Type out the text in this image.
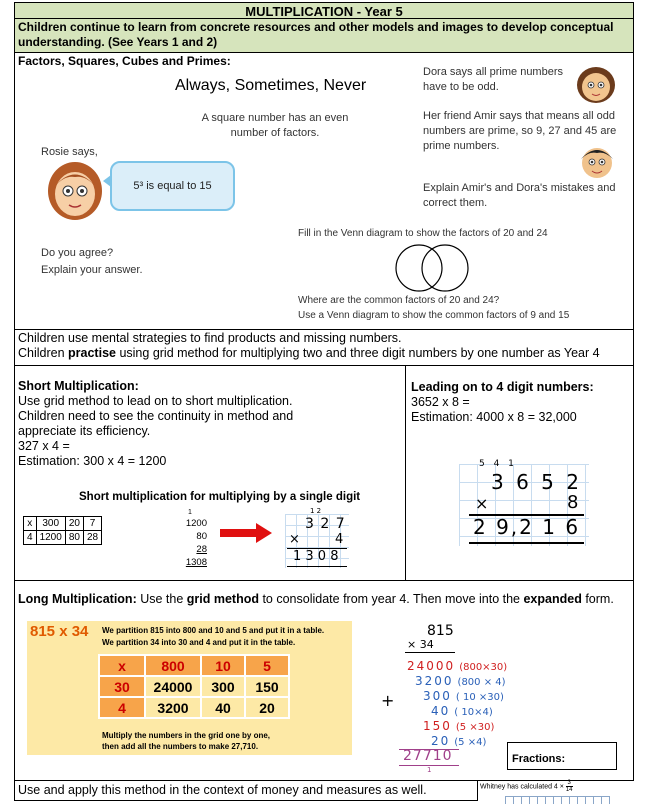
MULTIPLICATION - Year 5
Children continue to learn from concrete resources and other models and images to develop conceptual understanding. (See Years 1 and 2)
Factors, Squares, Cubes and Primes:
Always, Sometimes, Never
A square number has an even number of factors.
Rosie says,
5³ is equal to 15
Do you agree?
Explain your answer.
Dora says all prime numbers have to be odd.
Her friend Amir says that means all odd numbers are prime, so 9, 27 and 45 are prime numbers.
Explain Amir's and Dora's mistakes and correct them.
Fill in the Venn diagram to show the factors of 20 and 24
Where are the common factors of 20 and 24?
Use a Venn diagram to show the common factors of 9 and 15
Children use mental strategies to find products and missing numbers.
Children practise using grid method for multiplying two and three digit numbers by one number as Year 4
Short Multiplication:
Use grid method to lead on to short multiplication.
Children need to see the continuity in method and
appreciate its efficiency.
327 x 4 =
Estimation: 300 x 4 = 1200
Short multiplication for multiplying by a single digit
x	300	20	7
4	1200	80	28
1
1200
80
28
1308
1 2
3 2 7
×	4
1 3 0 8
Leading on to 4 digit numbers:
3652 x 8 =
Estimation: 4000 x 8 = 32,000
5 4 1
3 6 5 2
×	8
2 9,2 1 6
Long Multiplication: Use the grid method to consolidate from year 4. Then move into the expanded form.
815 x 34 We partition 815 into 800 and 10 and 5 and put it in a table.
We partition 34 into 30 and 4 and put it in the table.
x	800	10	5
30	24000	300	150
4	3200	40	20
Multiply the numbers in the grid one by one,
then add all the numbers to make 27,710.
815
× 34
24000 (800×30)
3200 (800 × 4)
300 ( 10 ×30)
40 ( 10×4)
150 (5 ×30)
20 (5 ×4)
+
27710
1
Fractions:
Use and apply this method in the context of money and measures as well.	Whitney has calculated $4 \times \frac{3}{14}$
